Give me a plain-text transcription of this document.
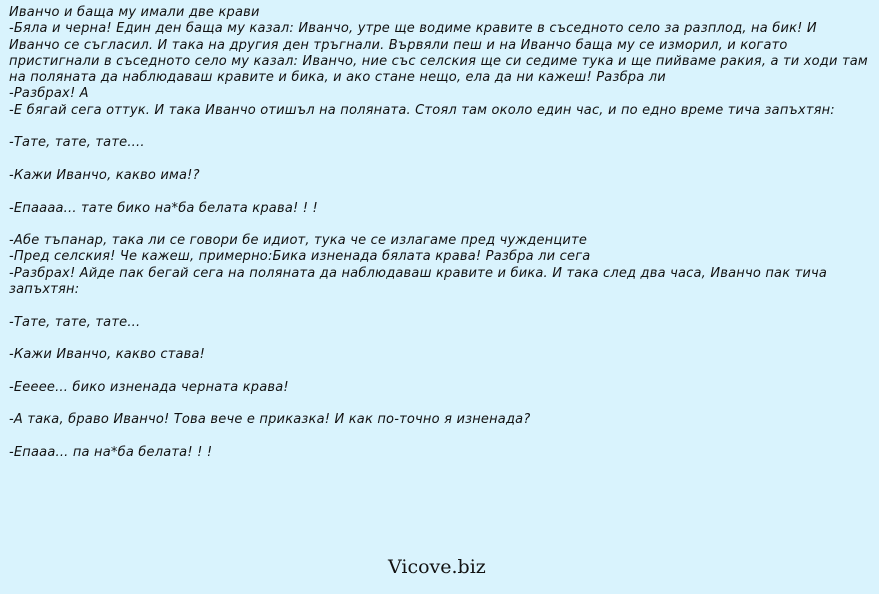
Иванчо и баща му имали две крави

-Бяла и черна! Един ден баща му казал: Иванчо, утре ще водиме кравите в съседното село за разплод, на бик! И Иванчо се съгласил. И така на другия ден тръгнали. Вървяли пеш и на Иванчо баща му се изморил, и когато пристигнали в съседното село му казал: Иванчо, ние със селския ще си седиме тука и ще пийваме ракия, а ти ходи там на поляната да наблюдаваш кравите и бика, и ако стане нещо, ела да ни кажеш! Разбра ли

-Разбрах! А

-Е бягай сега оттук. И така Иванчо отишъл на поляната. Стоял там около един час, и по едно време тича запъхтян:

-Тате, тате, тате....

-Кажи Иванчо, какво има!?

-Епаааа... тате бико на*ба белата крава! ! !

-Абе тъпанар, така ли се говори бе идиот, тука че се излагаме пред чужденците

-Пред селския! Че кажеш, примерно:Бика изненада бялата крава! Разбра ли сега

-Разбрах! Айде пак бегай сега на поляната да наблюдаваш кравите и бика. И така след два часа, Иванчо пак тича запъхтян:

-Тате, тате, тате...

-Кажи Иванчо, какво става!

-Ееееe... бико изненада черната крава!

-А така, браво Иванчо! Това вече е приказка! И как по-точно я изненада?

-Епааа... па на*ба белата! ! !

Vicove.biz
